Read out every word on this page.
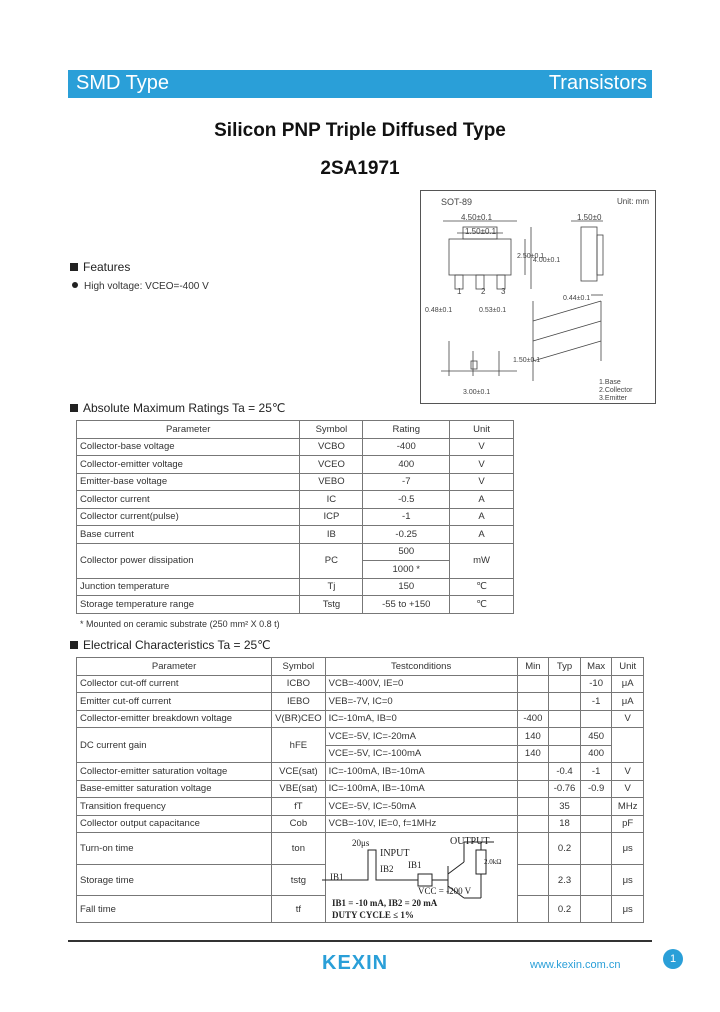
SMD Type	Transistors
Silicon PNP Triple Diffused Type
2SA1971
SOT-89	Unit: mm
4.50±0.1
1.50±0.1
1.50±0
2.50±0.1
4.00±0.1
0.44±0.1
0.48±0.1	0.53±0.1
3.00±0.1
1.50±0.1
1 2 3
1.Base
2.Collector
3.Emitter
Features
High voltage: VCEO=-400 V
Absolute Maximum Ratings Ta = 25℃
Parameter	Symbol	Rating	Unit
Collector-base voltage	VCBO	-400	V
Collector-emitter voltage	VCEO	400	V
Emitter-base voltage	VEBO	-7	V
Collector current	IC	-0.5	A
Collector current(pulse)	ICP	-1	A
Base current	IB	-0.25	A
Collector power dissipation	PC	500	mW
		1000 *	
Junction temperature	Tj	150	℃
Storage temperature range	Tstg	-55 to +150	℃
* Mounted on ceramic substrate (250 mm² X 0.8 t)
Electrical Characteristics Ta = 25℃
Parameter	Symbol	Testconditions	Min	Typ	Max	Unit
Collector cut-off current	ICBO	VCB=-400V, IE=0			-10	μA
Emitter cut-off current	IEBO	VEB=-7V, IC=0			-1	μA
Collector-emitter breakdown voltage	V(BR)CEO	IC=-10mA, IB=0	-400			V
DC current gain	hFE	VCE=-5V, IC=-20mA	140		450	
		VCE=-5V, IC=-100mA	140		400	
Collector-emitter saturation voltage	VCE(sat)	IC=-100mA, IB=-10mA		-0.4	-1	V
Base-emitter saturation voltage	VBE(sat)	IC=-100mA, IB=-10mA		-0.76	-0.9	V
Transition frequency	fT	VCE=-5V, IC=-50mA		35		MHz
Collector output capacitance	Cob	VCB=-10V, IE=0, f=1MHz		18		pF
Turn-on time	ton			0.2		μs
Storage time	tstg			2.3		μs
Fall time	tf			0.2		μs
20μs
INPUT
OUTPUT
IB1
IB1
IB2
2.0kΩ
VCC = -200 V
IB1 = -10 mA, IB2 = 20 mA
DUTY CYCLE ≤ 1%
KEXIN	www.kexin.com.cn	1
